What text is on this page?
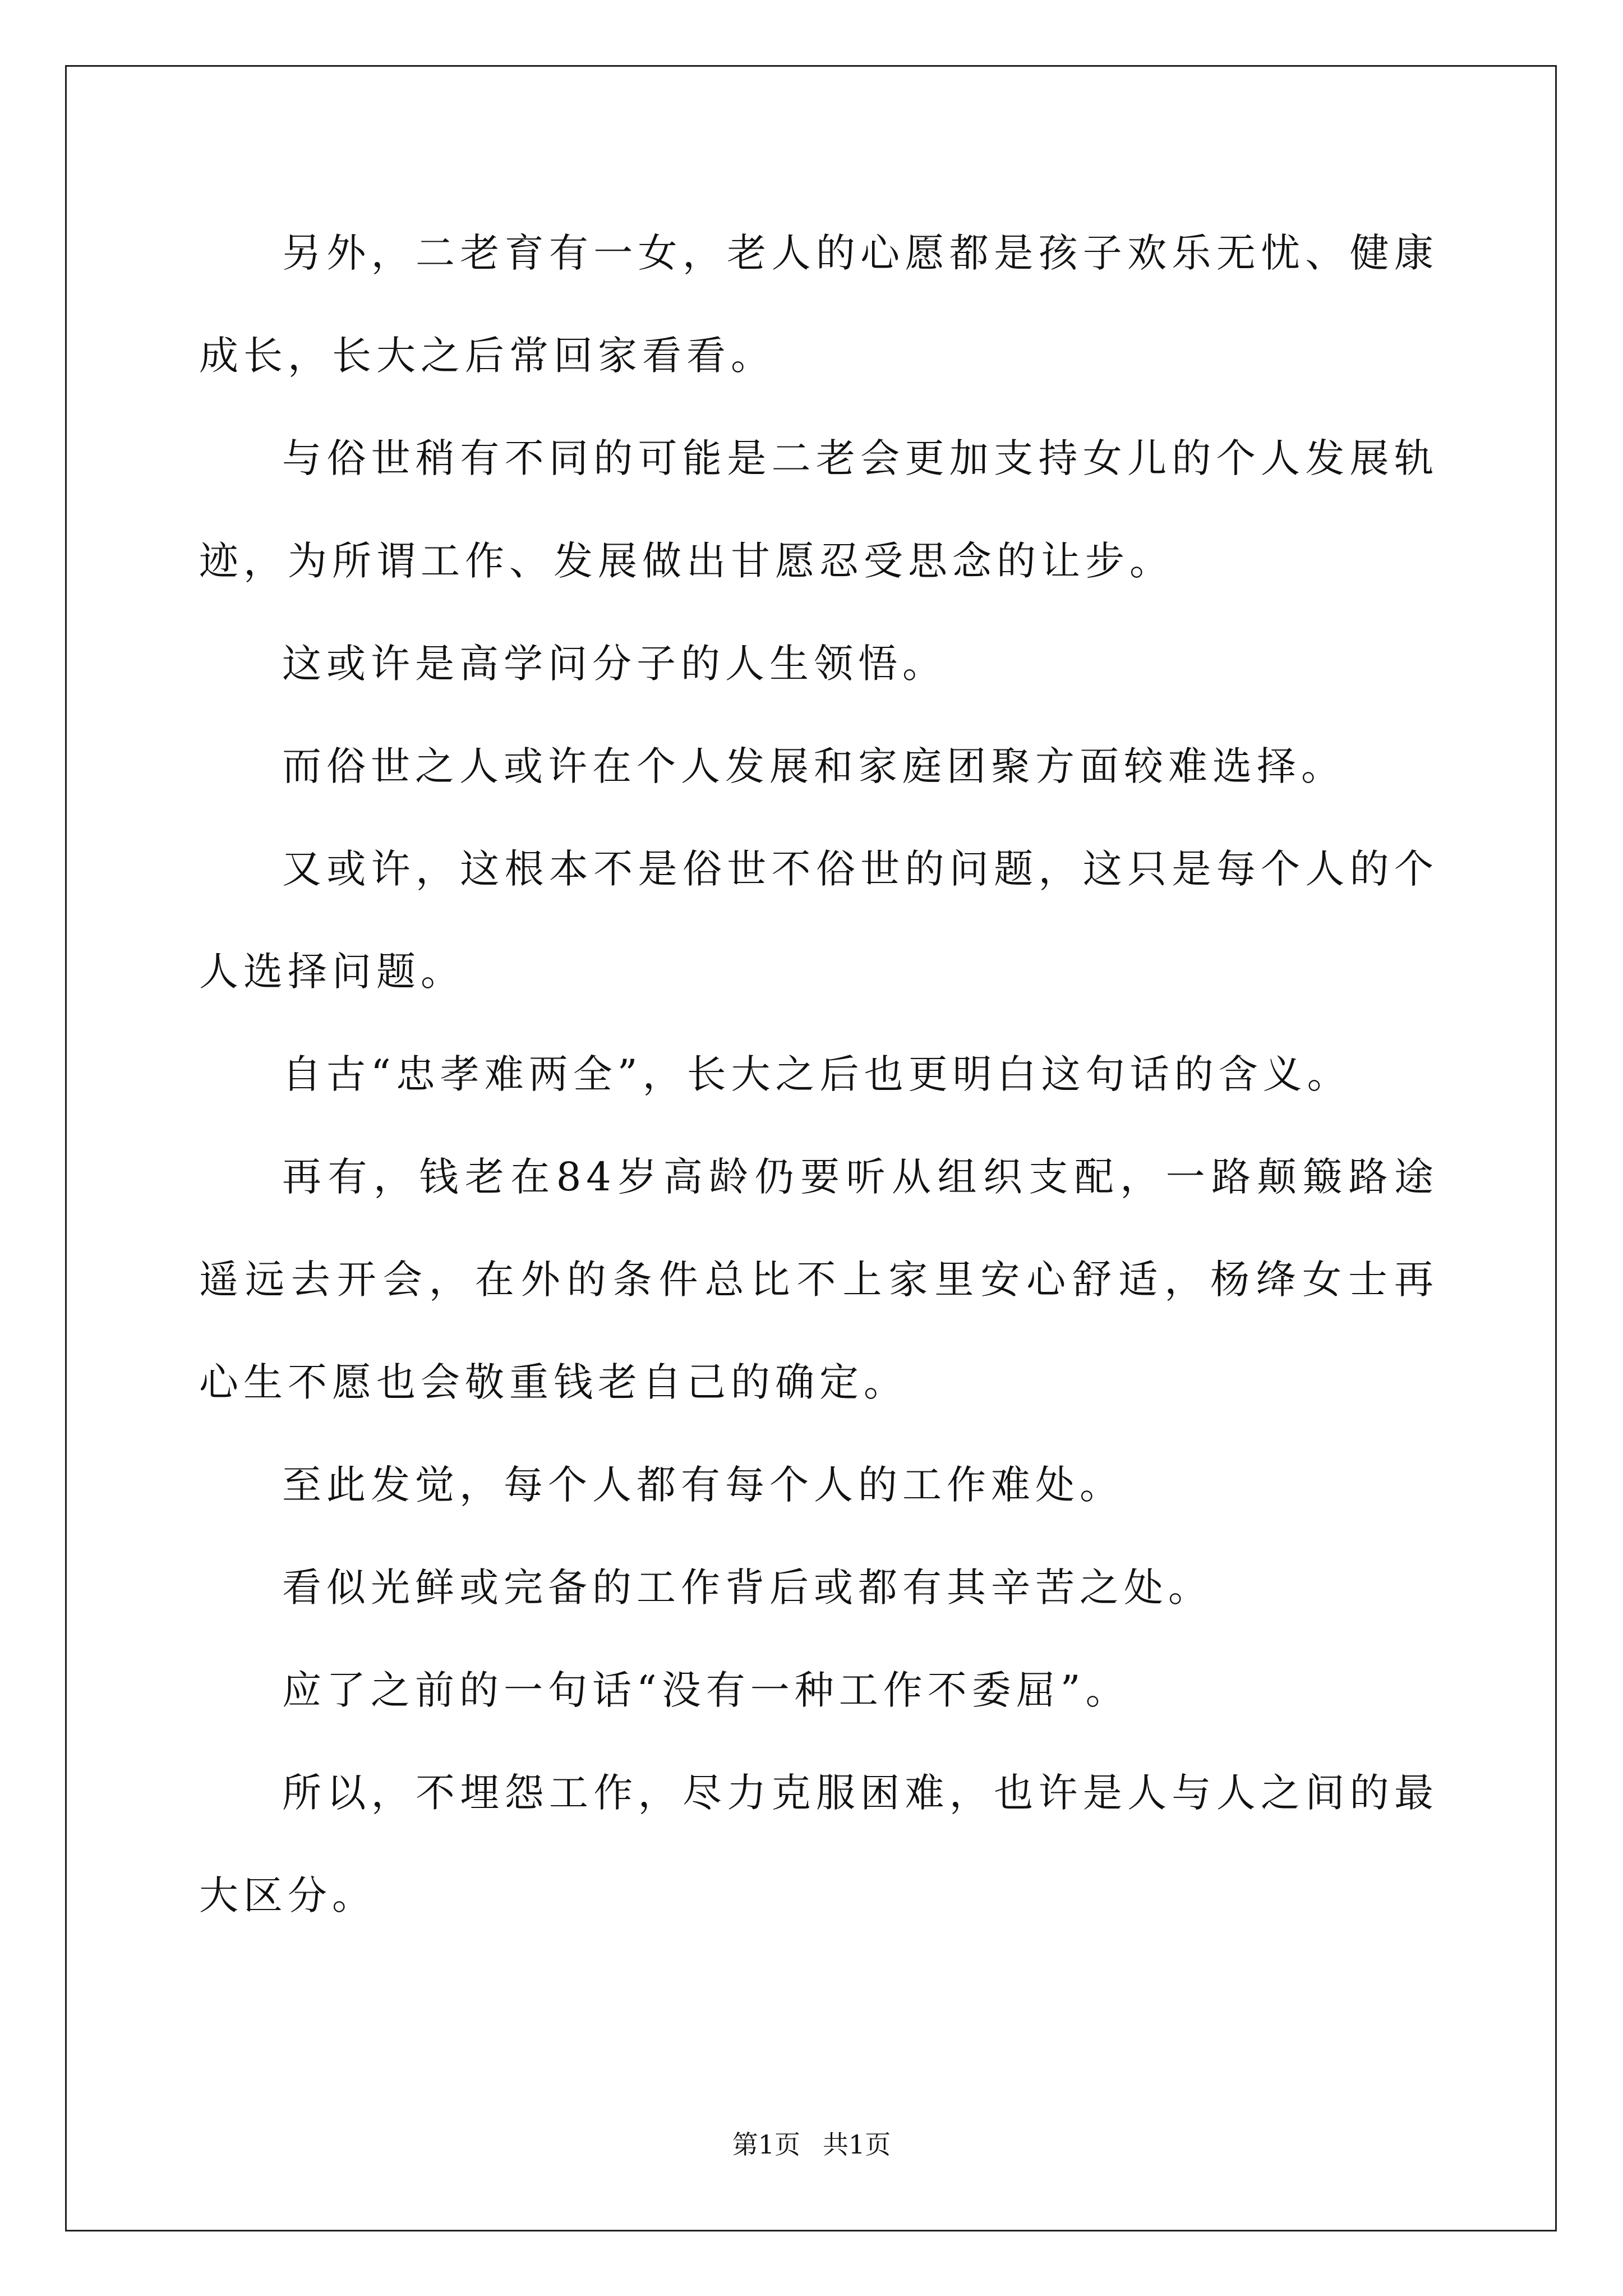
另外，二老育有一女，老人的心愿都是孩子欢乐无忧、健康成长，长大之后常回家看看。

与俗世稍有不同的可能是二老会更加支持女儿的个人发展轨迹，为所谓工作、发展做出甘愿忍受思念的让步。

这或许是高学问分子的人生领悟。

而俗世之人或许在个人发展和家庭团聚方面较难选择。

又或许，这根本不是俗世不俗世的问题，这只是每个人的个人选择问题。

自古“忠孝难两全”，长大之后也更明白这句话的含义。

再有，钱老在84岁高龄仍要听从组织支配，一路颠簸路途遥远去开会，在外的条件总比不上家里安心舒适，杨绛女士再心生不愿也会敬重钱老自己的确定。

至此发觉，每个人都有每个人的工作难处。

看似光鲜或完备的工作背后或都有其辛苦之处。

应了之前的一句话“没有一种工作不委屈”。

所以，不埋怨工作，尽力克服困难，也许是人与人之间的最大区分。

第1页 共1页
